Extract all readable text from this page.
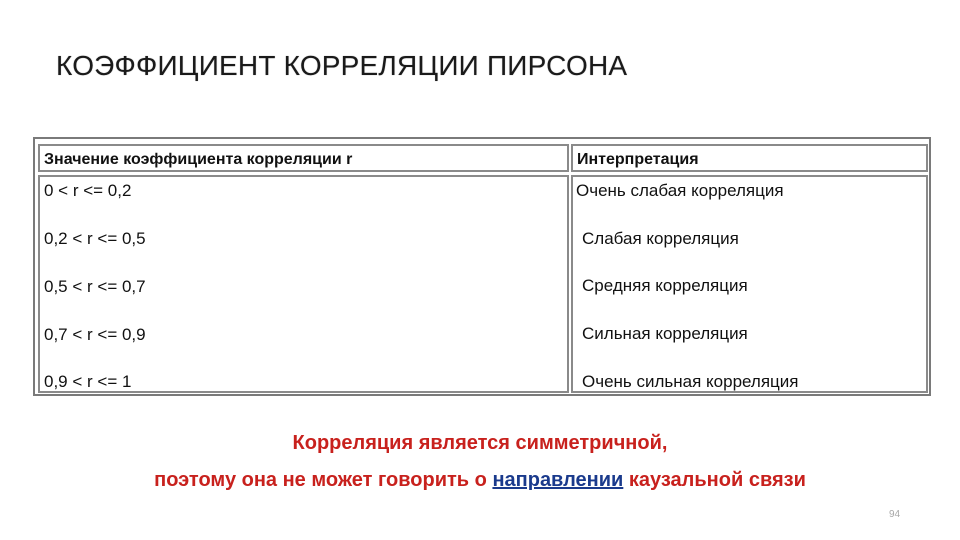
КОЭФФИЦИЕНТ КОРРЕЛЯЦИИ ПИРСОНА
Значение коэффициента корреляции r	Интерпретация
0 < r <= 0,2
0,2 < r <= 0,5
0,5 < r <= 0,7
0,7 < r <= 0,9
0,9 < r <= 1
Очень слабая корреляция
Слабая корреляция
Средняя корреляция
Сильная корреляция
Очень сильная корреляция
Корреляция является симметричной,
поэтому она не может говорить о направлении каузальной связи
94
